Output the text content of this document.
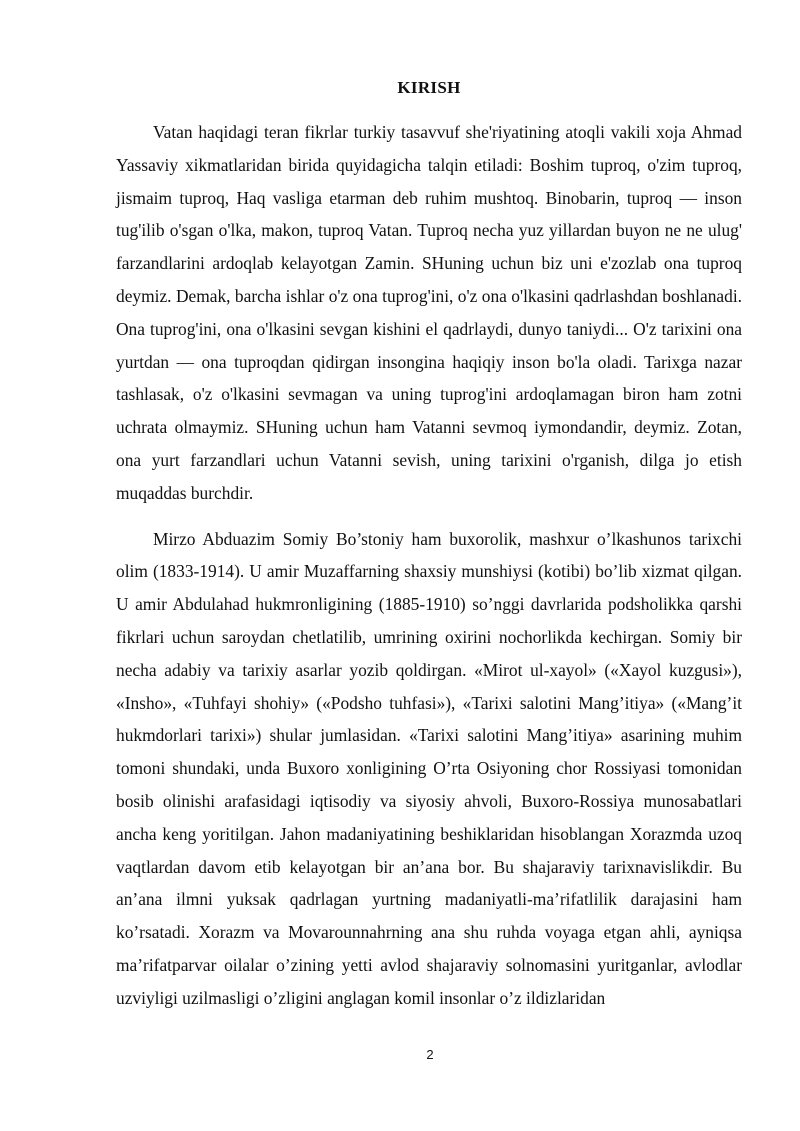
KIRISH

Vatan haqidagi teran fikrlar turkiy tasavvuf she'riyatining atoqli vakili xoja Ahmad Yassaviy xikmatlaridan birida quyidagicha talqin etiladi: Boshim tuproq, o'zim tuproq, jismaim tuproq, Haq vasliga etarman deb ruhim mushtoq. Binobarin, tuproq — inson tug'ilib o'sgan o'lka, makon, tuproq Vatan. Tuproq necha yuz yillardan buyon ne ne ulug' farzandlarini ardoqlab kelayotgan Zamin. SHuning uchun biz uni e'zozlab ona tuproq deymiz. Demak, barcha ishlar o'z ona tuprog'ini, o'z ona o'lkasini qadrlashdan boshlanadi. Ona tuprog'ini, ona o'lkasini sevgan kishini el qadrlaydi, dunyo taniydi... O'z tarixini ona yurtdan — ona tuproqdan qidirgan insongina haqiqiy inson bo'la oladi. Tarixga nazar tashlasak, o'z o'lkasini sevmagan va uning tuprog'ini ardoqlamagan biron ham zotni uchrata olmaymiz. SHuning uchun ham Vatanni sevmoq iymondandir, deymiz. Zotan, ona yurt farzandlari uchun Vatanni sevish, uning tarixini o'rganish, dilga jo etish muqaddas burchdir.

Mirzo Abduazim Somiy Bo’stoniy ham buxorolik, mashxur o’lkashunos tarixchi olim (1833-1914). U amir Muzaffarning shaxsiy munshiysi (kotibi) bo’lib xizmat qilgan. U amir Abdulahad hukmronligining (1885-1910) so’nggi davrlarida podsholikka qarshi fikrlari uchun saroydan chetlatilib, umrining oxirini nochorlikda kechirgan. Somiy bir necha adabiy va tarixiy asarlar yozib qoldirgan. «Mirot ul-xayol» («Xayol kuzgusi»), «Insho», «Tuhfayi shohiy» («Podsho tuhfasi»), «Tarixi salotini Mang’itiya» («Mang’it hukmdorlari tarixi») shular jumlasidan. «Tarixi salotini Mang’itiya» asarining muhim tomoni shundaki, unda Buxoro xonligining O’rta Osiyoning chor Rossiyasi tomonidan bosib olinishi arafasidagi iqtisodiy va siyosiy ahvoli, Buxoro-Rossiya munosabatlari ancha keng yoritilgan. Jahon madaniyatining beshiklaridan hisoblangan Xorazmda uzoq vaqtlardan davom etib kelayotgan bir an’ana bor. Bu shajaraviy tarixnavislikdir. Bu an’ana ilmni yuksak qadrlagan yurtning madaniyatli-ma’rifatlilik darajasini ham ko’rsatadi. Xorazm va Movarounnahrning ana shu ruhda voyaga etgan ahli, ayniqsa ma’rifatparvar oilalar o’zining yetti avlod shajaraviy solnomasini yuritganlar, avlodlar uzviyligi uzilmasligi o’zligini anglagan komil insonlar o’z ildizlaridan

2
